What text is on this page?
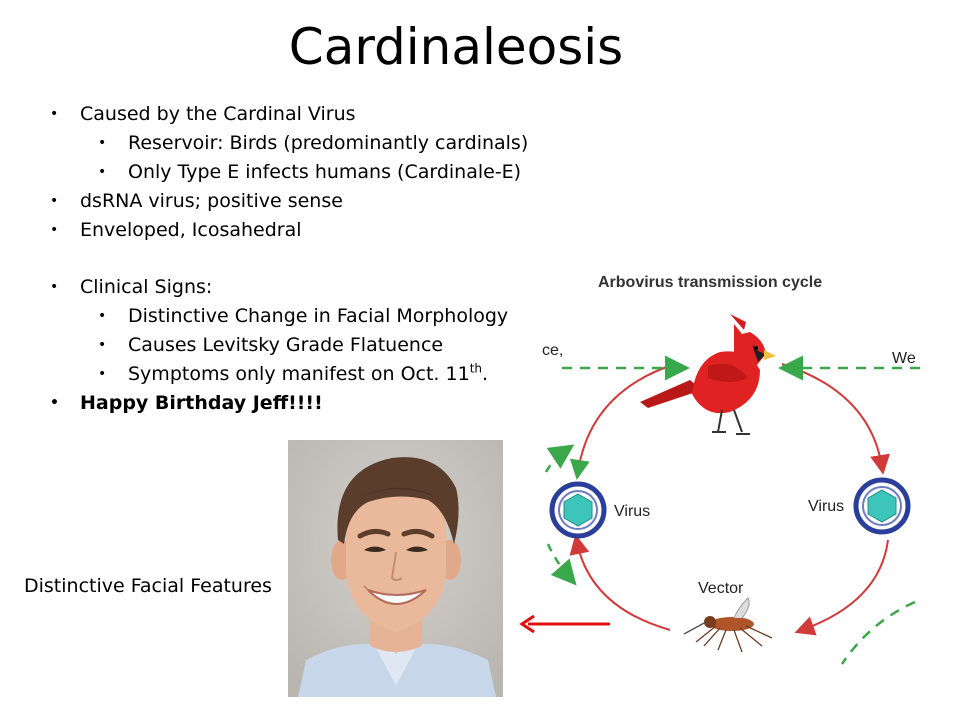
Cardinaleosis
• Caused by the Cardinal Virus
• Reservoir: Birds (predominantly cardinals)
• Only Type E infects humans (Cardinale-E)
• dsRNA virus; positive sense
• Enveloped, Icosahedral
• Clinical Signs:
• Distinctive Change in Facial Morphology
• Causes Levitsky Grade Flatuence
• Symptoms only manifest on Oct. 11th.
• Happy Birthday Jeff!!!!
Distinctive Facial Features
Arbovirus transmission cycle
Virus	Virus
Vector
ce,	We
